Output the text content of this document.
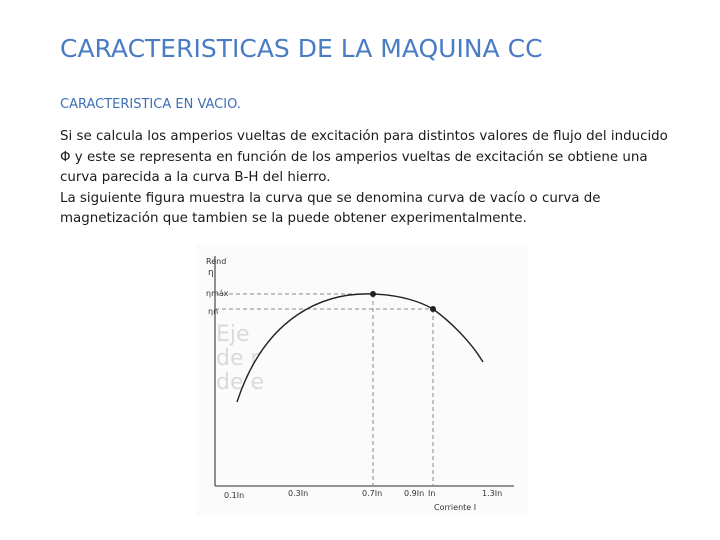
CARACTERISTICAS DE LA MAQUINA CC
CARACTERISTICA EN VACIO.

Si se calcula los amperios vueltas de excitación para distintos valores de flujo del inducido Φ y este se representa en función de los amperios vueltas de excitación se obtiene una curva parecida a la curva B-H del hierro.

La siguiente figura muestra la curva que se denomina curva de vacío o curva de magnetización que tambien se la puede obtener experimentalmente.

Eje
de r
de e
Rend
η
ηmáx
ηn
0.1In	0.3In	0.7In	0.9In In	1.3In
Corriente I
